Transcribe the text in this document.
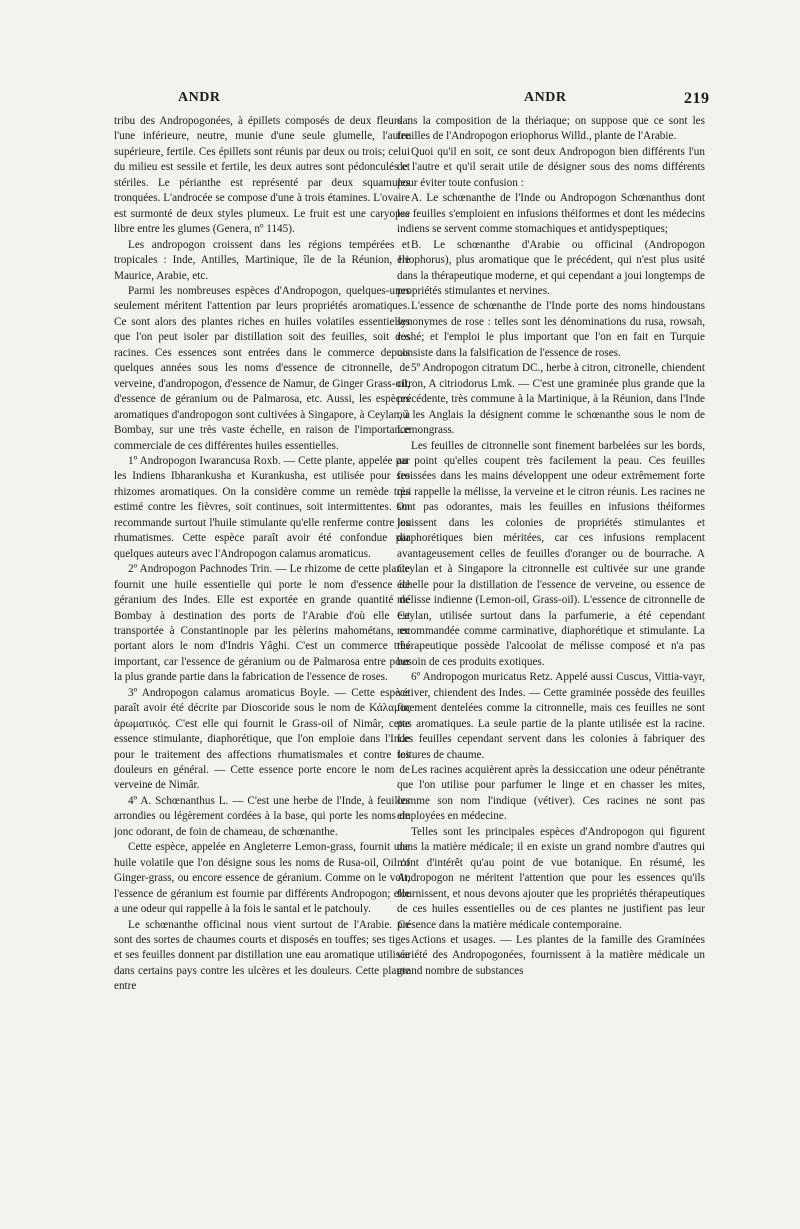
ANDR	ANDR	219

tribu des Andropogonées, à épillets composés de deux fleurs : l'une inférieure, neutre, munie d'une seule glumelle, l'autre supérieure, fertile. Ces épillets sont réunis par deux ou trois; celui du milieu est sessile et fertile, les deux autres sont pédonculés et stériles. Le périanthe est représenté par deux squamules tronquées. L'androcée se compose d'une à trois étamines. L'ovaire est surmonté de deux styles plumeux. Le fruit est une caryopse libre entre les glumes (Genera, nº 1145).

Les andropogon croissent dans les régions tempérées et tropicales : Inde, Antilles, Martinique, île de la Réunion, Ile Maurice, Arabie, etc.

Parmi les nombreuses espèces d'Andropogon, quelques-unes seulement méritent l'attention par leurs propriétés aromatiques. Ce sont alors des plantes riches en huiles volatiles essentielles que l'on peut isoler par distillation soit des feuilles, soit des racines. Ces essences sont entrées dans le commerce depuis quelques années sous les noms d'essence de citronnelle, de verveine, d'andropogon, d'essence de Namur, de Ginger Grass-oil, d'essence de géranium ou de Palmarosa, etc. Aussi, les espèces aromatiques d'andropogon sont cultivées à Singapore, à Ceylan, à Bombay, sur une très vaste échelle, en raison de l'importance commerciale de ces différentes huiles essentielles.

1º Andropogon Iwarancusa Roxb. — Cette plante, appelée par les Indiens Ibharankusha et Kurankusha, est utilisée pour ses rhizomes aromatiques. On la considère comme un remède très estimé contre les fièvres, soit continues, soit intermittentes. On recommande surtout l'huile stimulante qu'elle renferme contre les rhumatismes. Cette espèce paraît avoir été confondue par quelques auteurs avec l'Andropogon calamus aromaticus.

2º Andropogon Pachnodes Trin. — Le rhizome de cette plante fournit une huile essentielle qui porte le nom d'essence de géranium des Indes. Elle est exportée en grande quantité de Bombay à destination des ports de l'Arabie d'où elle est transportée à Constantinople par les pèlerins mahométans, en portant alors le nom d'Indris Yâghi. C'est un commerce très important, car l'essence de géranium ou de Palmarosa entre pour la plus grande partie dans la fabrication de l'essence de roses.

3º Andropogon calamus aromaticus Boyle. — Cette espèce paraît avoir été décrite par Dioscoride sous le nom de Κάλαμος ἀρωματικός. C'est elle qui fournit le Grass-oil of Nimâr, cette essence stimulante, diaphorétique, que l'on emploie dans l'Inde pour le traitement des affections rhumatismales et contre les douleurs en général. — Cette essence porte encore le nom de verveine de Nimâr.

4º A. Schœnanthus L. — C'est une herbe de l'Inde, à feuilles arrondies ou légèrement cordées à la base, qui porte les noms de jonc odorant, de foin de chameau, de schœnanthe.

Cette espèce, appelée en Angleterre Lemon-grass, fournit une huile volatile que l'on désigne sous les noms de Rusa-oil, Oil of Ginger-grass, ou encore essence de géranium. Comme on le voit, l'essence de géranium est fournie par différents Andropogon; elle a une odeur qui rappelle à la fois le santal et le patchouly.

Le schœnanthe officinal nous vient surtout de l'Arabie. Ce sont des sortes de chaumes courts et disposés en touffes; ses tiges et ses feuilles donnent par distillation une eau aromatique utilisée dans certains pays contre les ulcères et les douleurs. Cette plante entre

dans la composition de la thériaque; on suppose que ce sont les feuilles de l'Andropogon eriophorus Willd., plante de l'Arabie.

Quoi qu'il en soit, ce sont deux Andropogon bien différents l'un de l'autre et qu'il serait utile de désigner sous des noms différents pour éviter toute confusion :

A. Le schœnanthe de l'Inde ou Andropogon Schœnanthus dont les feuilles s'emploient en infusions théiformes et dont les médecins indiens se servent comme stomachiques et antidyspeptiques;

B. Le schœnanthe d'Arabie ou officinal (Andropogon eriophorus), plus aromatique que le précédent, qui n'est plus usité dans la thérapeutique moderne, et qui cependant a joui longtemps de propriétés stimulantes et nervines.

L'essence de schœnanthe de l'Inde porte des noms hindoustans synonymes de rose : telles sont les dénominations du rusa, rowsah, roshé; et l'emploi le plus important que l'on en fait en Turquie consiste dans la falsification de l'essence de roses.

5º Andropogon citratum DC., herbe à citron, citronelle, chiendent citron, A citriodorus Lmk. — C'est une graminée plus grande que la précédente, très commune à la Martinique, à la Réunion, dans l'Inde où les Anglais la désignent comme le schœnanthe sous le nom de Lemongrass.

Les feuilles de citronnelle sont finement barbelées sur les bords, au point qu'elles coupent très facilement la peau. Ces feuilles froissées dans les mains développent une odeur extrêmement forte qui rappelle la mélisse, la verveine et le citron réunis. Les racines ne sont pas odorantes, mais les feuilles en infusions théiformes jouissent dans les colonies de propriétés stimulantes et diaphorétiques bien méritées, car ces infusions remplacent avantageusement celles de feuilles d'oranger ou de bourrache. A Ceylan et à Singapore la citronnelle est cultivée sur une grande échelle pour la distillation de l'essence de verveine, ou essence de mélisse indienne (Lemon-oil, Grass-oil). L'essence de citronnelle de Ceylan, utilisée surtout dans la parfumerie, a été cependant recommandée comme carminative, diaphorétique et stimulante. La thérapeutique possède l'alcoolat de mélisse composé et n'a pas besoin de ces produits exotiques.

6º Andropogon muricatus Retz. Appelé aussi Cuscus, Vittia-vayr, vétiver, chiendent des Indes. — Cette graminée possède des feuilles finement dentelées comme la citronnelle, mais ces feuilles ne sont pas aromatiques. La seule partie de la plante utilisée est la racine. Les feuilles cependant servent dans les colonies à fabriquer des toitures de chaume.

Les racines acquièrent après la dessiccation une odeur pénétrante que l'on utilise pour parfumer le linge et en chasser les mites, comme son nom l'indique (vétiver). Ces racines ne sont pas employées en médecine.

Telles sont les principales espèces d'Andropogon qui figurent dans la matière médicale; il en existe un grand nombre d'autres qui n'ont d'intérêt qu'au point de vue botanique. En résumé, les Andropogon ne méritent l'attention que pour les essences qu'ils fournissent, et nous devons ajouter que les propriétés thérapeutiques de ces huiles essentielles ou de ces plantes ne justifient pas leur présence dans la matière médicale contemporaine.

Actions et usages. — Les plantes de la famille des Graminées variété des Andropogonées, fournissent à la matière médicale un grand nombre de substances
